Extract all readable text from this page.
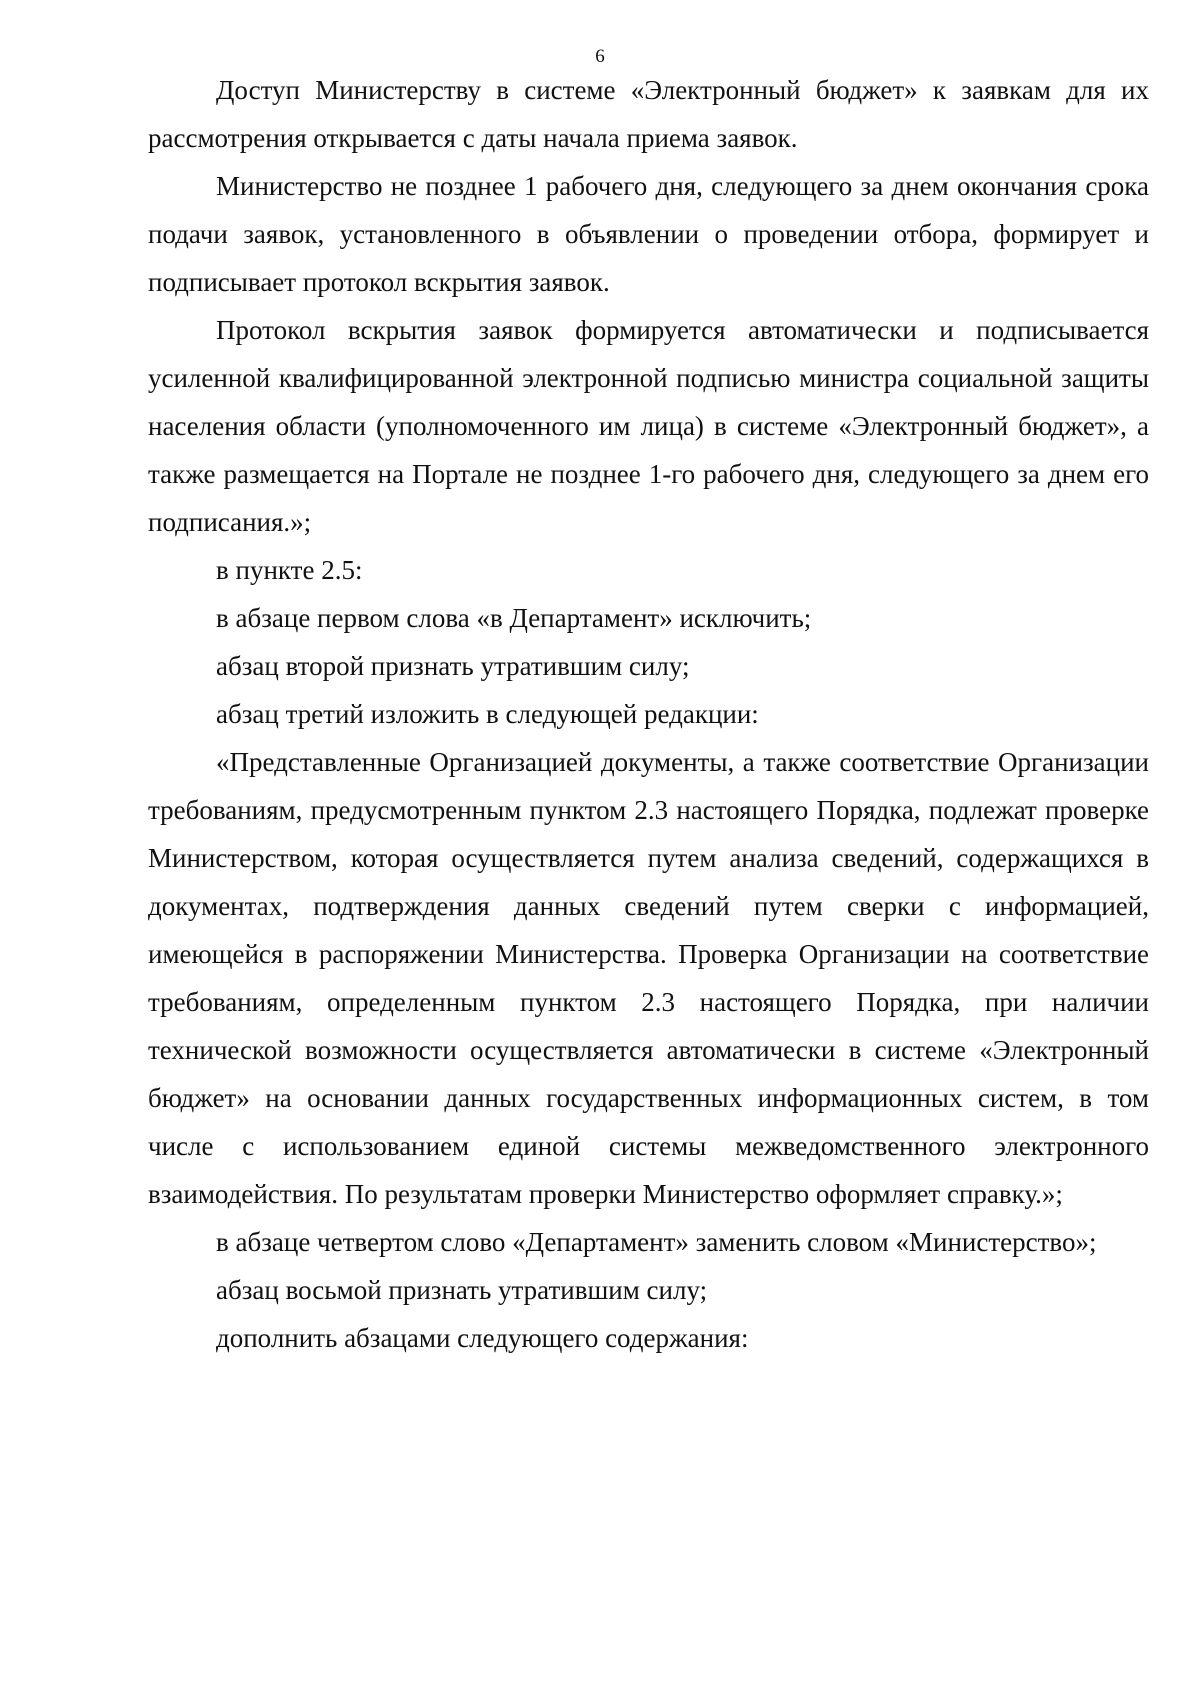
6

Доступ Министерству в системе «Электронный бюджет» к заявкам для их рассмотрения открывается с даты начала приема заявок.

Министерство не позднее 1 рабочего дня, следующего за днем окончания срока подачи заявок, установленного в объявлении о проведении отбора, формирует и подписывает протокол вскрытия заявок.

Протокол вскрытия заявок формируется автоматически и подписывается усиленной квалифицированной электронной подписью министра социальной защиты населения области (уполномоченного им лица) в системе «Электронный бюджет», а также размещается на Портале не позднее 1-го рабочего дня, следующего за днем его подписания.»;

в пункте 2.5:

в абзаце первом слова «в Департамент» исключить;

абзац второй признать утратившим силу;

абзац третий изложить в следующей редакции:

«Представленные Организацией документы, а также соответствие Организации требованиям, предусмотренным пунктом 2.3 настоящего Порядка, подлежат проверке Министерством, которая осуществляется путем анализа сведений, содержащихся в документах, подтверждения данных сведений путем сверки с информацией, имеющейся в распоряжении Министерства. Проверка Организации на соответствие требованиям, определенным пунктом 2.3 настоящего Порядка, при наличии технической возможности осуществляется автоматически в системе «Электронный бюджет» на основании данных государственных информационных систем, в том числе с использованием единой системы межведомственного электронного взаимодействия. По результатам проверки Министерство оформляет справку.»;

в абзаце четвертом слово «Департамент» заменить словом «Министерство»;

абзац восьмой признать утратившим силу;

дополнить абзацами следующего содержания:
